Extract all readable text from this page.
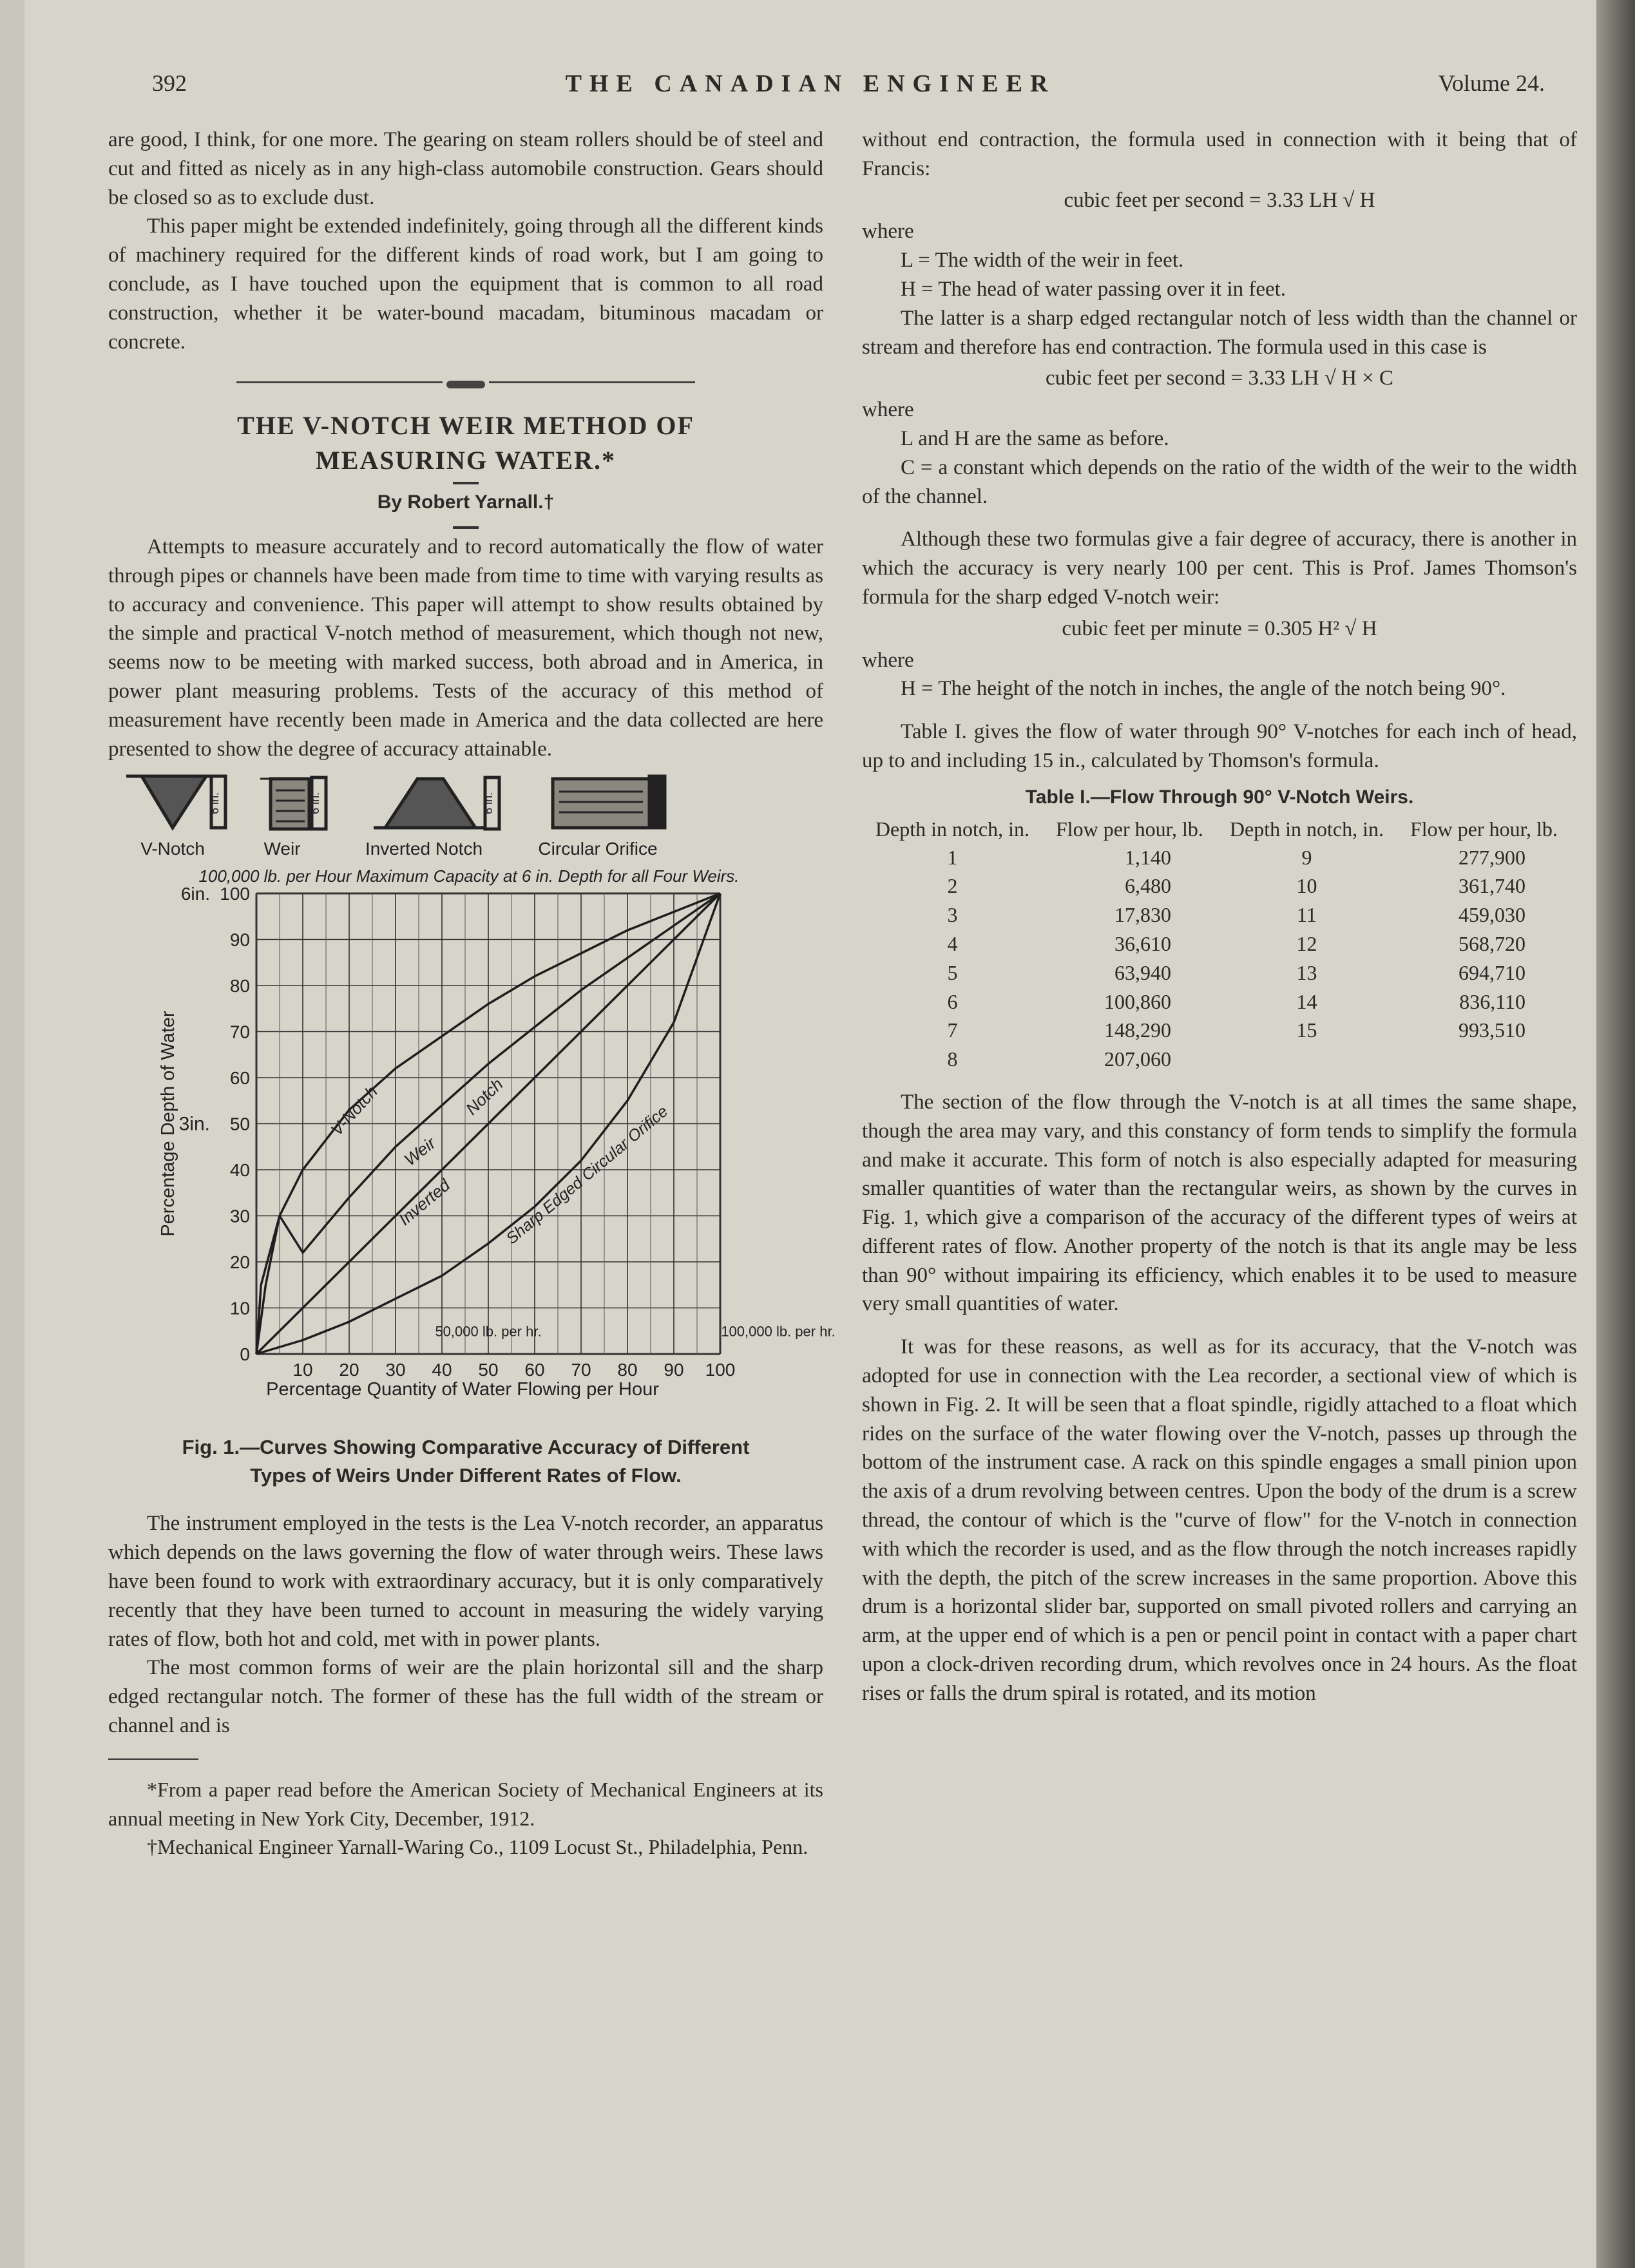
392	THE CANADIAN ENGINEER	Volume 24.

are good, I think, for one more. The gearing on steam rollers should be of steel and cut and fitted as nicely as in any high-class automobile construction. Gears should be closed so as to exclude dust.

This paper might be extended indefinitely, going through all the different kinds of machinery required for the different kinds of road work, but I am going to conclude, as I have touched upon the equipment that is common to all road construction, whether it be water-bound macadam, bituminous macadam or concrete.

THE V-NOTCH WEIR METHOD OF
MEASURING WATER.*
By Robert Yarnall.†

Attempts to measure accurately and to record automatically the flow of water through pipes or channels have been made from time to time with varying results as to accuracy and convenience. This paper will attempt to show results obtained by the simple and practical V-notch method of measurement, which though not new, seems now to be meeting with marked success, both abroad and in America, in power plant measuring problems. Tests of the accuracy of this method of measurement have recently been made in America and the data collected are here presented to show the degree of accuracy attainable.

6 in.	6 in.	6 in.	6 in.
V-Notch	Weir	Inverted Notch	Circular Orifice
100,000 lb. per Hour Maximum Capacity at 6 in. Depth for all Four Weirs.
10
20
30
40
50
60
70
80
90
100
0
6in.
3in.
10 20 30 40 50 60 70 80 90 100
Percentage Depth of Water
Percentage Quantity of Water Flowing per Hour
50,000 lb. per hr.	100,000 lb. per hr.
V-Notch
Weir
Inverted
Notch
Sharp Edged Circular Orifice
Fig. 1.—Curves Showing Comparative Accuracy of Different
Types of Weirs Under Different Rates of Flow.

The instrument employed in the tests is the Lea V-notch recorder, an apparatus which depends on the laws governing the flow of water through weirs. These laws have been found to work with extraordinary accuracy, but it is only comparatively recently that they have been turned to account in measuring the widely varying rates of flow, both hot and cold, met with in power plants.

The most common forms of weir are the plain horizontal sill and the sharp edged rectangular notch. The former of these has the full width of the stream or channel and is

*From a paper read before the American Society of Mechanical Engineers at its annual meeting in New York City, December, 1912.

†Mechanical Engineer Yarnall-Waring Co., 1109 Locust St., Philadelphia, Penn.

without end contraction, the formula used in connection with it being that of Francis:

cubic feet per second = 3.33 LH √ H

where

L = The width of the weir in feet.

H = The head of water passing over it in feet.

The latter is a sharp edged rectangular notch of less width than the channel or stream and therefore has end contraction. The formula used in this case is

cubic feet per second = 3.33 LH √ H × C

where

L and H are the same as before.

C = a constant which depends on the ratio of the width of the weir to the width of the channel.

Although these two formulas give a fair degree of accuracy, there is another in which the accuracy is very nearly 100 per cent. This is Prof. James Thomson's formula for the sharp edged V-notch weir:

cubic feet per minute = 0.305 H² √ H

where

H = The height of the notch in inches, the angle of the notch being 90°.

Table I. gives the flow of water through 90° V-notches for each inch of head, up to and including 15 in., calculated by Thomson's formula.

Table I.—Flow Through 90° V-Notch Weirs.
Depth in notch, in.	Flow per hour, lb.	Depth in notch, in.	Flow per hour, lb.
1	1,140	9	277,900
2	6,480	10	361,740
3	17,830	11	459,030
4	36,610	12	568,720
5	63,940	13	694,710
6	100,860	14	836,110
7	148,290	15	993,510
8	207,060		

The section of the flow through the V-notch is at all times the same shape, though the area may vary, and this constancy of form tends to simplify the formula and make it accurate. This form of notch is also especially adapted for measuring smaller quantities of water than the rectangular weirs, as shown by the curves in Fig. 1, which give a comparison of the accuracy of the different types of weirs at different rates of flow. Another property of the notch is that its angle may be less than 90° without impairing its efficiency, which enables it to be used to measure very small quantities of water.

It was for these reasons, as well as for its accuracy, that the V-notch was adopted for use in connection with the Lea recorder, a sectional view of which is shown in Fig. 2. It will be seen that a float spindle, rigidly attached to a float which rides on the surface of the water flowing over the V-notch, passes up through the bottom of the instrument case. A rack on this spindle engages a small pinion upon the axis of a drum revolving between centres. Upon the body of the drum is a screw thread, the contour of which is the "curve of flow" for the V-notch in connection with which the recorder is used, and as the flow through the notch increases rapidly with the depth, the pitch of the screw increases in the same proportion. Above this drum is a horizontal slider bar, supported on small pivoted rollers and carrying an arm, at the upper end of which is a pen or pencil point in contact with a paper chart upon a clock-driven recording drum, which revolves once in 24 hours. As the float rises or falls the drum spiral is rotated, and its motion
